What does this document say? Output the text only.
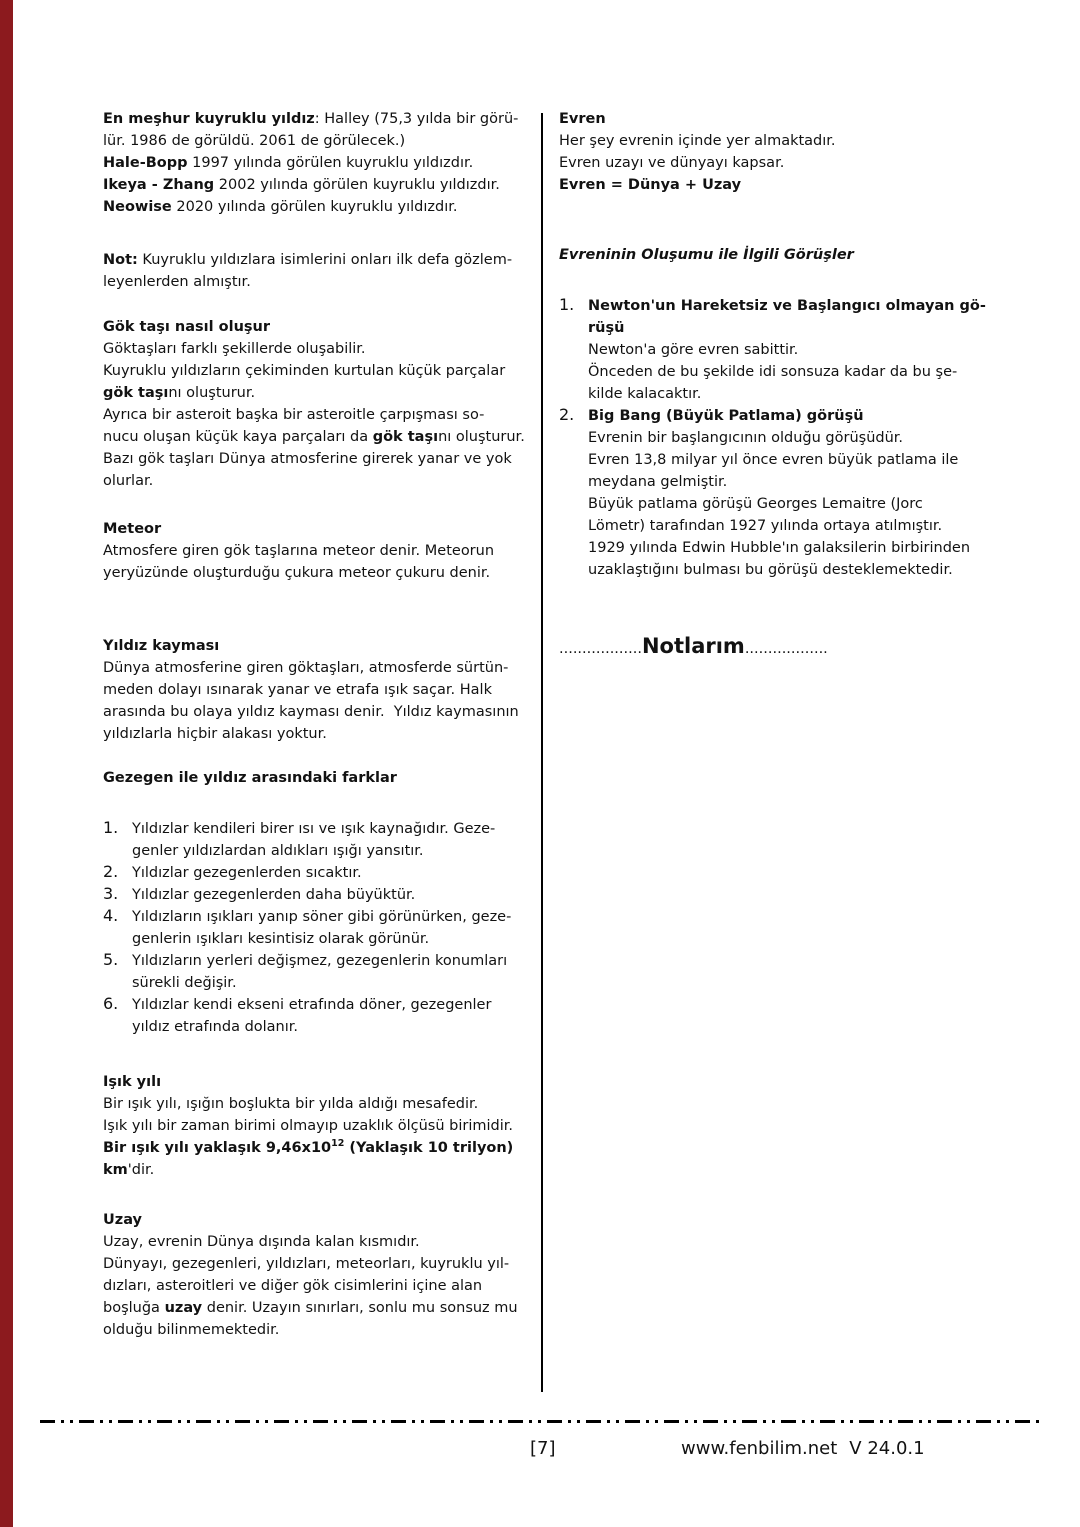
En meşhur kuyruklu yıldız: Halley (75,3 yılda bir görü-
lür. 1986 de görüldü. 2061 de görülecek.)
Hale-Bopp 1997 yılında görülen kuyruklu yıldızdır.
Ikeya - Zhang 2002 yılında görülen kuyruklu yıldızdır.
Neowise 2020 yılında görülen kuyruklu yıldızdır.
Not: Kuyruklu yıldızlara isimlerini onları ilk defa gözlem-
leyenlerden almıştır.
Gök taşı nasıl oluşur
Göktaşları farklı şekillerde oluşabilir.
Kuyruklu yıldızların çekiminden kurtulan küçük parçalar
gök taşını oluşturur.
Ayrıca bir asteroit başka bir asteroitle çarpışması so-
nucu oluşan küçük kaya parçaları da gök taşını oluşturur.
Bazı gök taşları Dünya atmosferine girerek yanar ve yok
olurlar.
Meteor
Atmosfere giren gök taşlarına meteor denir. Meteorun
yeryüzünde oluşturduğu çukura meteor çukuru denir.
Yıldız kayması
Dünya atmosferine giren göktaşları, atmosferde sürtün-
meden dolayı ısınarak yanar ve etrafa ışık saçar. Halk
arasında bu olaya yıldız kayması denir.  Yıldız kaymasının
yıldızlarla hiçbir alakası yoktur.
Gezegen ile yıldız arasındaki farklar
1. Yıldızlar kendileri birer ısı ve ışık kaynağıdır. Geze-
genler yıldızlardan aldıkları ışığı yansıtır.
2. Yıldızlar gezegenlerden sıcaktır.
3. Yıldızlar gezegenlerden daha büyüktür.
4. Yıldızların ışıkları yanıp söner gibi görünürken, geze-
genlerin ışıkları kesintisiz olarak görünür.
5. Yıldızların yerleri değişmez, gezegenlerin konumları
sürekli değişir.
6. Yıldızlar kendi ekseni etrafında döner, gezegenler
yıldız etrafında dolanır.
Işık yılı
Bir ışık yılı, ışığın boşlukta bir yılda aldığı mesafedir.
Işık yılı bir zaman birimi olmayıp uzaklık ölçüsü birimidir.
Bir ışık yılı yaklaşık $9,46x10^{12}$ (Yaklaşık 10 trilyon)
km'dir.
Uzay
Uzay, evrenin Dünya dışında kalan kısmıdır.
Dünyayı, gezegenleri, yıldızları, meteorları, kuyruklu yıl-
dızları, asteroitleri ve diğer gök cisimlerini içine alan
boşluğa uzay denir. Uzayın sınırları, sonlu mu sonsuz mu
olduğu bilinmemektedir.
Evren
Her şey evrenin içinde yer almaktadır.
Evren uzayı ve dünyayı kapsar.
Evren = Dünya + Uzay
Evreninin Oluşumu ile İlgili Görüşler
1. Newton'un Hareketsiz ve Başlangıcı olmayan gö-
rüşü
Newton'a göre evren sabittir.
Önceden de bu şekilde idi sonsuza kadar da bu şe-
kilde kalacaktır.
2. Big Bang (Büyük Patlama) görüşü
Evrenin bir başlangıcının olduğu görüşüdür.
Evren 13,8 milyar yıl önce evren büyük patlama ile
meydana gelmiştir.
Büyük patlama görüşü Georges Lemaitre (Jorc
Lömetr) tarafından 1927 yılında ortaya atılmıştır.
1929 yılında Edwin Hubble'ın galaksilerin birbirinden
uzaklaştığını bulması bu görüşü desteklemektedir.
..................Notlarım..................
[7]	www.fenbilim.net V 24.0.1
